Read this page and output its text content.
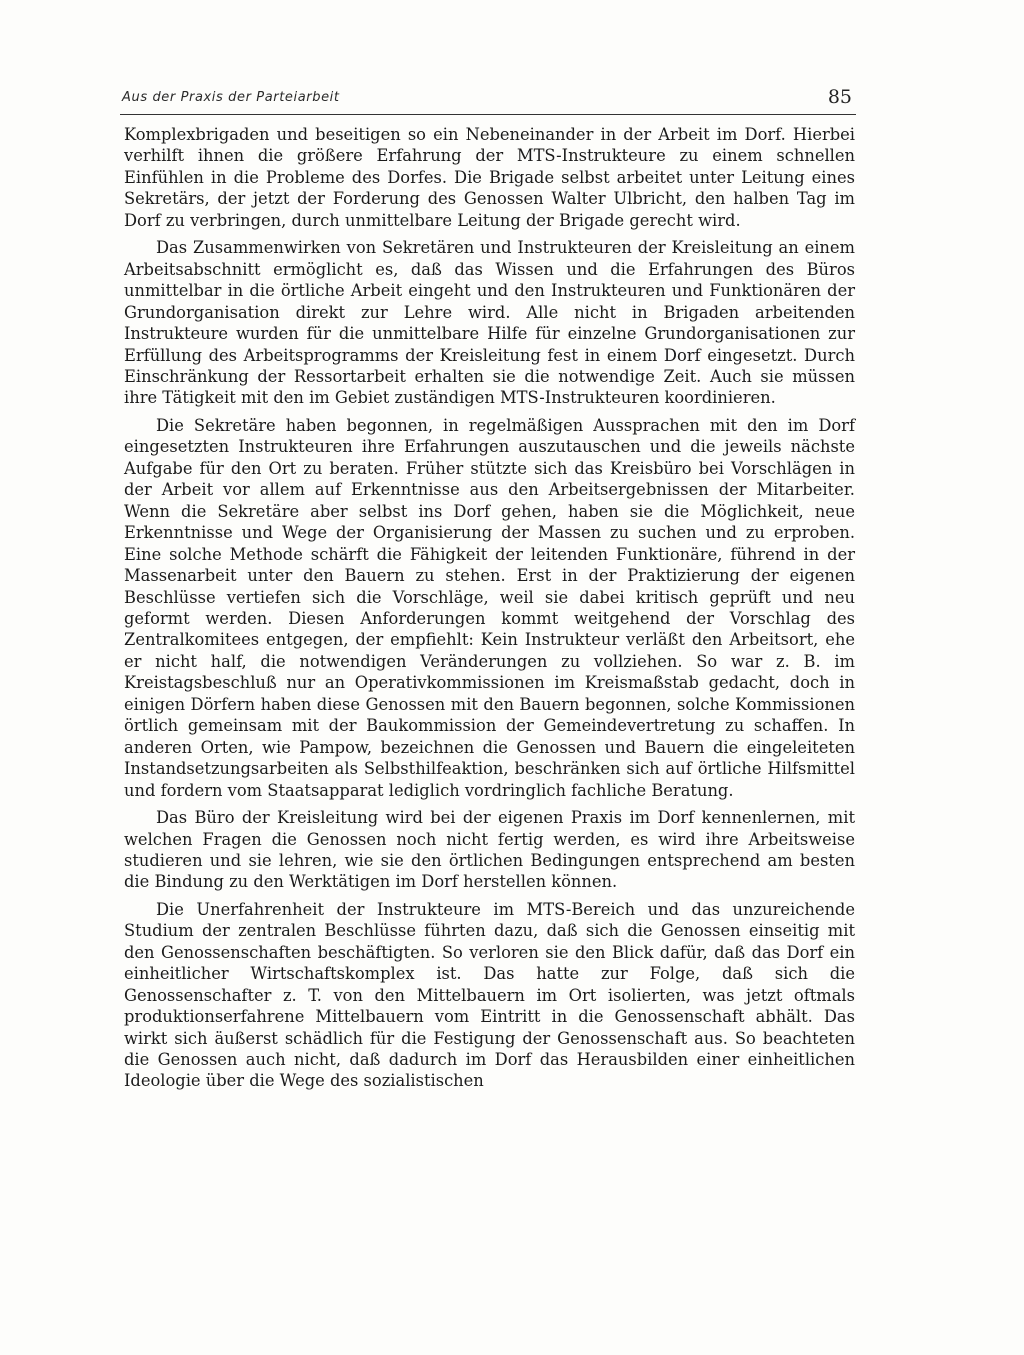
Aus der Praxis der Parteiarbeit	85

Komplexbrigaden und beseitigen so ein Nebeneinander in der Arbeit im Dorf. Hierbei verhilft ihnen die größere Erfahrung der MTS-Instrukteure zu einem schnellen Einfühlen in die Probleme des Dorfes. Die Brigade selbst arbeitet unter Leitung eines Sekretärs, der jetzt der Forderung des Genossen Walter Ulbricht, den halben Tag im Dorf zu verbringen, durch unmittelbare Leitung der Brigade gerecht wird.

Das Zusammenwirken von Sekretären und Instrukteuren der Kreisleitung an einem Arbeitsabschnitt ermöglicht es, daß das Wissen und die Erfahrungen des Büros unmittelbar in die örtliche Arbeit eingeht und den Instrukteuren und Funktionären der Grundorganisation direkt zur Lehre wird. Alle nicht in Brigaden arbeitenden Instrukteure wurden für die unmittelbare Hilfe für einzelne Grundorganisationen zur Erfüllung des Arbeitsprogramms der Kreisleitung fest in einem Dorf eingesetzt. Durch Einschränkung der Ressortarbeit erhalten sie die notwendige Zeit. Auch sie müssen ihre Tätigkeit mit den im Gebiet zuständigen MTS-Instrukteuren koordinieren.

Die Sekretäre haben begonnen, in regelmäßigen Aussprachen mit den im Dorf eingesetzten Instrukteuren ihre Erfahrungen auszutauschen und die jeweils nächste Aufgabe für den Ort zu beraten. Früher stützte sich das Kreisbüro bei Vorschlägen in der Arbeit vor allem auf Erkenntnisse aus den Arbeitsergebnissen der Mitarbeiter. Wenn die Sekretäre aber selbst ins Dorf gehen, haben sie die Möglichkeit, neue Erkenntnisse und Wege der Organisierung der Massen zu suchen und zu erproben. Eine solche Methode schärft die Fähigkeit der leitenden Funktionäre, führend in der Massenarbeit unter den Bauern zu stehen. Erst in der Praktizierung der eigenen Beschlüsse vertiefen sich die Vorschläge, weil sie dabei kritisch geprüft und neu geformt werden. Diesen Anforderungen kommt weitgehend der Vorschlag des Zentralkomitees entgegen, der empfiehlt: Kein Instrukteur verläßt den Arbeitsort, ehe er nicht half, die notwendigen Veränderungen zu vollziehen. So war z. B. im Kreistagsbeschluß nur an Operativkommissionen im Kreismaßstab gedacht, doch in einigen Dörfern haben diese Genossen mit den Bauern begonnen, solche Kommissionen örtlich gemeinsam mit der Baukommission der Gemeindevertretung zu schaffen. In anderen Orten, wie Pampow, bezeichnen die Genossen und Bauern die eingeleiteten Instandsetzungsarbeiten als Selbsthilfeaktion, beschränken sich auf örtliche Hilfsmittel und fordern vom Staatsapparat lediglich vordringlich fachliche Beratung.

Das Büro der Kreisleitung wird bei der eigenen Praxis im Dorf kennenlernen, mit welchen Fragen die Genossen noch nicht fertig werden, es wird ihre Arbeitsweise studieren und sie lehren, wie sie den örtlichen Bedingungen entsprechend am besten die Bindung zu den Werktätigen im Dorf herstellen können.

Die Unerfahrenheit der Instrukteure im MTS-Bereich und das unzureichende Studium der zentralen Beschlüsse führten dazu, daß sich die Genossen einseitig mit den Genossenschaften beschäftigten. So verloren sie den Blick dafür, daß das Dorf ein einheitlicher Wirtschaftskomplex ist. Das hatte zur Folge, daß sich die Genossenschafter z. T. von den Mittelbauern im Ort isolierten, was jetzt oftmals produktionserfahrene Mittelbauern vom Eintritt in die Genossenschaft abhält. Das wirkt sich äußerst schädlich für die Festigung der Genossenschaft aus. So beachteten die Genossen auch nicht, daß dadurch im Dorf das Herausbilden einer einheitlichen Ideologie über die Wege des sozialistischen
